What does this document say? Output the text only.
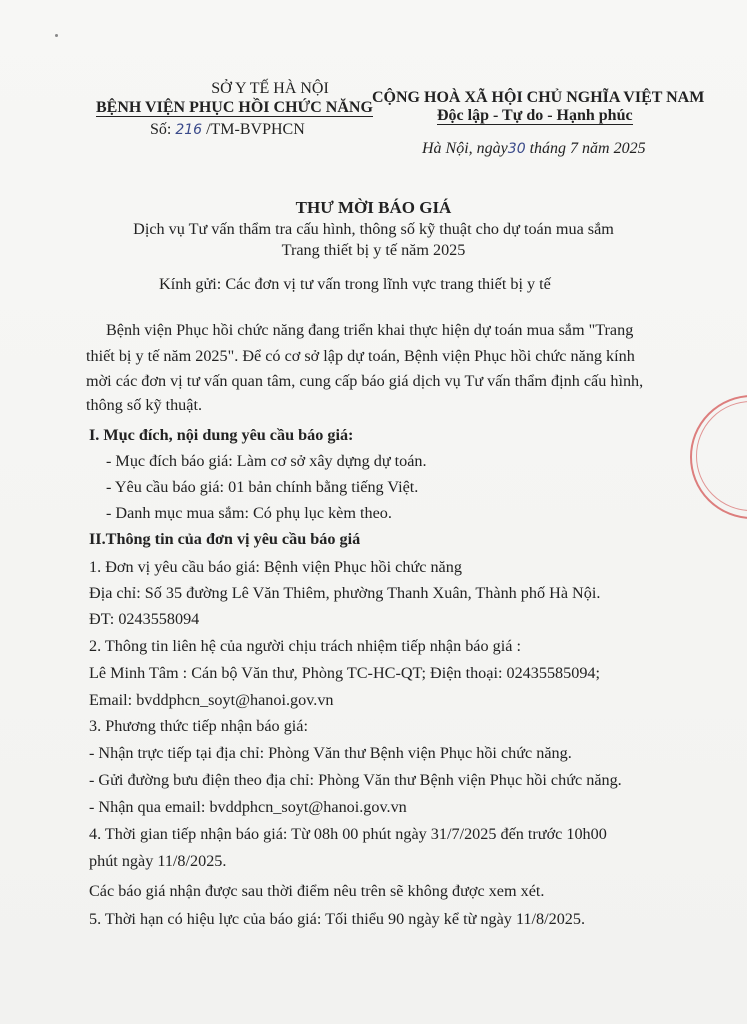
SỞ Y TẾ HÀ NỘI
BỆNH VIỆN PHỤC HỒI CHỨC NĂNG
Số: 216 /TM-BVPHCN
CỘNG HOÀ XÃ HỘI CHỦ NGHĨA VIỆT NAM
Độc lập - Tự do - Hạnh phúc
Hà Nội, ngày30 tháng 7 năm 2025
THƯ MỜI BÁO GIÁ
Dịch vụ Tư vấn thẩm tra cấu hình, thông số kỹ thuật cho dự toán mua sắm
Trang thiết bị y tế năm 2025
Kính gửi: Các đơn vị tư vấn trong lĩnh vực trang thiết bị y tế
Bệnh viện Phục hồi chức năng đang triển khai thực hiện dự toán mua sắm "Trang
thiết bị y tế năm 2025". Để có cơ sở lập dự toán, Bệnh viện Phục hồi chức năng kính
mời các đơn vị tư vấn quan tâm, cung cấp báo giá dịch vụ Tư vấn thẩm định cấu hình,
thông số kỹ thuật.
I. Mục đích, nội dung yêu cầu báo giá:
- Mục đích báo giá: Làm cơ sở xây dựng dự toán.
- Yêu cầu báo giá: 01 bản chính bằng tiếng Việt.
- Danh mục mua sắm: Có phụ lục kèm theo.
II.Thông tin của đơn vị yêu cầu báo giá
1. Đơn vị yêu cầu báo giá: Bệnh viện Phục hồi chức năng
Địa chỉ: Số 35 đường Lê Văn Thiêm, phường Thanh Xuân, Thành phố Hà Nội.
ĐT: 0243558094
2. Thông tin liên hệ của người chịu trách nhiệm tiếp nhận báo giá :
Lê Minh Tâm : Cán bộ Văn thư, Phòng TC-HC-QT; Điện thoại: 02435585094;
Email: bvddphcn_soyt@hanoi.gov.vn
3. Phương thức tiếp nhận báo giá:
- Nhận trực tiếp tại địa chỉ: Phòng Văn thư Bệnh viện Phục hồi chức năng.
- Gửi đường bưu điện theo địa chỉ: Phòng Văn thư Bệnh viện Phục hồi chức năng.
- Nhận qua email: bvddphcn_soyt@hanoi.gov.vn
4. Thời gian tiếp nhận báo giá: Từ 08h 00 phút ngày 31/7/2025 đến trước 10h00
phút ngày 11/8/2025.
Các báo giá nhận được sau thời điểm nêu trên sẽ không được xem xét.
5. Thời hạn có hiệu lực của báo giá: Tối thiểu 90 ngày kể từ ngày 11/8/2025.
